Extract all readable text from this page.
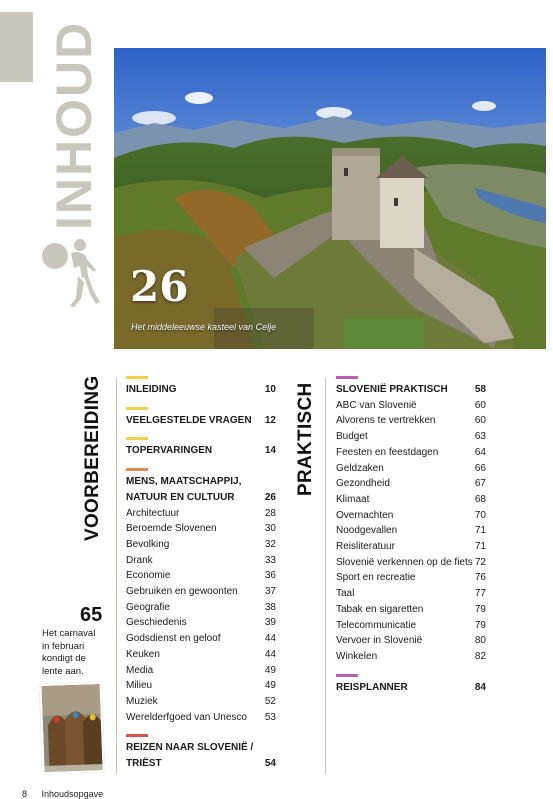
INHOUD
26
Het middeleeuwse kasteel van Celje
VOORBEREIDING	PRAKTISCH
INLEIDING	10
VEELGESTELDE VRAGEN 12
TOPERVARINGEN	14
MENS, MAATSCHAPPIJ,
NATUUR EN CULTUUR	26
Architectuur	28
Beroemde Slovenen	30
Bevolking	32
Drank	33
Economie	36
Gebruiken en gewoonten	37
Geografie	38
Geschiedenis	39
Godsdienst en geloof	44
Keuken	44
Media	49
Milieu	49
Muziek	52
Werelderfgoed van Unesco 53
REIZEN NAAR SLOVENIË /
TRIËST	54
SLOVENIË PRAKTISCH	58
ABC van Slovenië	60
Alvorens te vertrekken	60
Budget	63
Feesten en feestdagen	64
Geldzaken	66
Gezondheid	67
Klimaat	68
Overnachten	70
Noodgevallen	71
Reisliteratuur	71
Slovenië verkennen op de fiets 72
Sport en recreatie	76
Taal	77
Tabak en sigaretten	79
Telecommunicatie	79
Vervoer in Slovenië	80
Winkelen	82
REISPLANNER	84
65
Het carnaval in februari kondigt de lente aan.
8 Inhoudsopgave
